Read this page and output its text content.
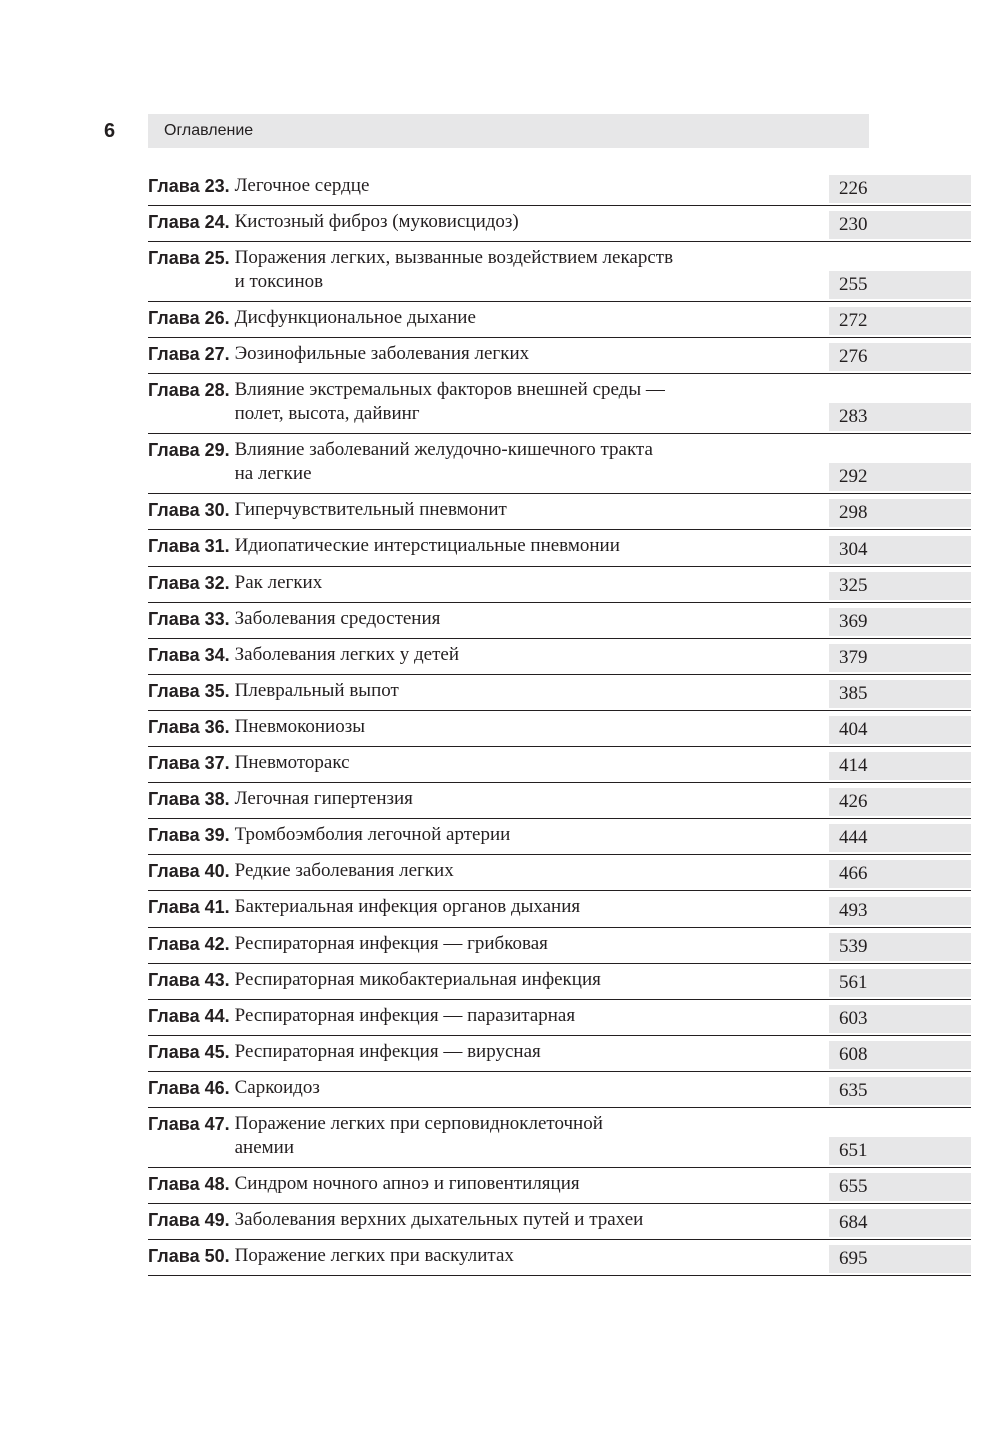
6	Оглавление
Глава 23. Легочное сердце	226
Глава 24. Кистозный фиброз (муковисцидоз)	230
Глава 25. Поражения легких, вызванные воздействием лекарств
и токсинов	255
Глава 26. Дисфункциональное дыхание	272
Глава 27. Эозинофильные заболевания легких	276
Глава 28. Влияние экстремальных факторов внешней среды —
полет, высота, дайвинг	283
Глава 29. Влияние заболеваний желудочно-кишечного тракта
на легкие	292
Глава 30. Гиперчувствительный пневмонит	298
Глава 31. Идиопатические интерстициальные пневмонии	304
Глава 32. Рак легких	325
Глава 33. Заболевания средостения	369
Глава 34. Заболевания легких у детей	379
Глава 35. Плевральный выпот	385
Глава 36. Пневмокониозы	404
Глава 37. Пневмоторакс	414
Глава 38. Легочная гипертензия	426
Глава 39. Тромбоэмболия легочной артерии	444
Глава 40. Редкие заболевания легких	466
Глава 41. Бактериальная инфекция органов дыхания	493
Глава 42. Респираторная инфекция — грибковая	539
Глава 43. Респираторная микобактериальная инфекция	561
Глава 44. Респираторная инфекция — паразитарная	603
Глава 45. Респираторная инфекция — вирусная	608
Глава 46. Саркоидоз	635
Глава 47. Поражение легких при серповидноклеточной
анемии	651
Глава 48. Синдром ночного апноэ и гиповентиляция	655
Глава 49. Заболевания верхних дыхательных путей и трахеи	684
Глава 50. Поражение легких при васкулитах	695
